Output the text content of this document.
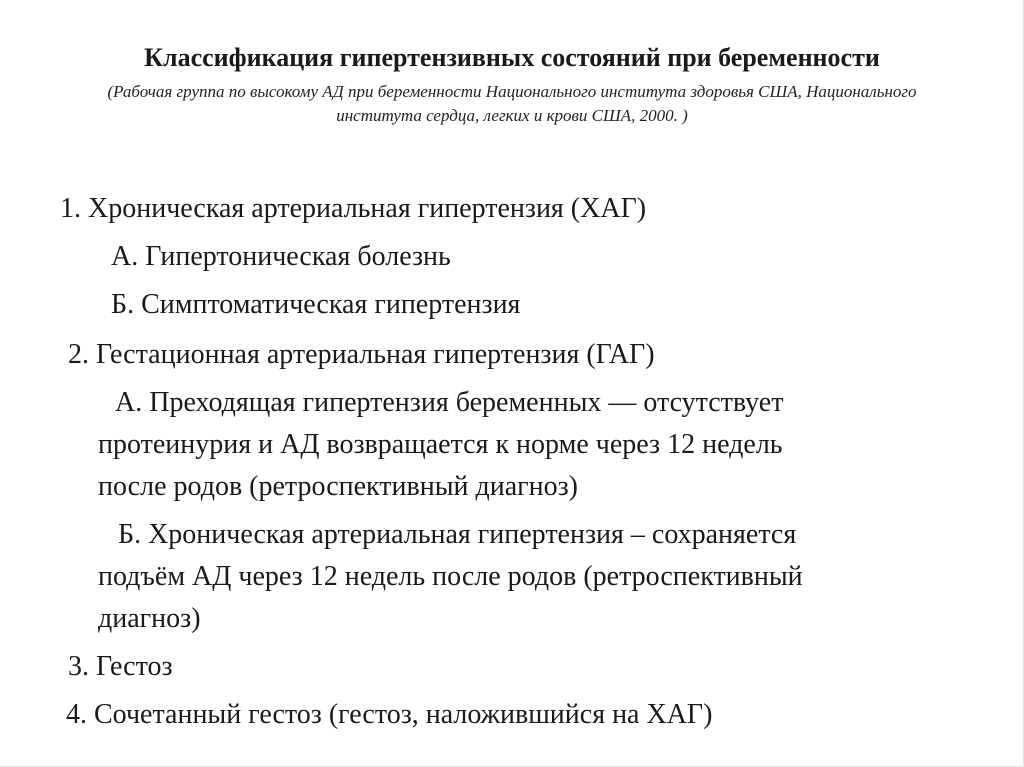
Классификация гипертензивных состояний при беременности
(Рабочая группа по высокому АД при беременности Национального института здоровья США, Национального
института сердца, легких и крови США, 2000. )
1. Хроническая артериальная гипертензия (ХАГ)
А. Гипертоническая болезнь
Б. Симптоматическая гипертензия
2. Гестационная артериальная гипертензия (ГАГ)
А. Преходящая гипертензия беременных — отсутствует
протеинурия и АД возвращается к норме через 12 недель
после родов (ретроспективный диагноз)
Б. Хроническая артериальная гипертензия – сохраняется
подъём АД через 12 недель после родов (ретроспективный
диагноз)
3. Гестоз
4. Сочетанный гестоз (гестоз, наложившийся на ХАГ)
